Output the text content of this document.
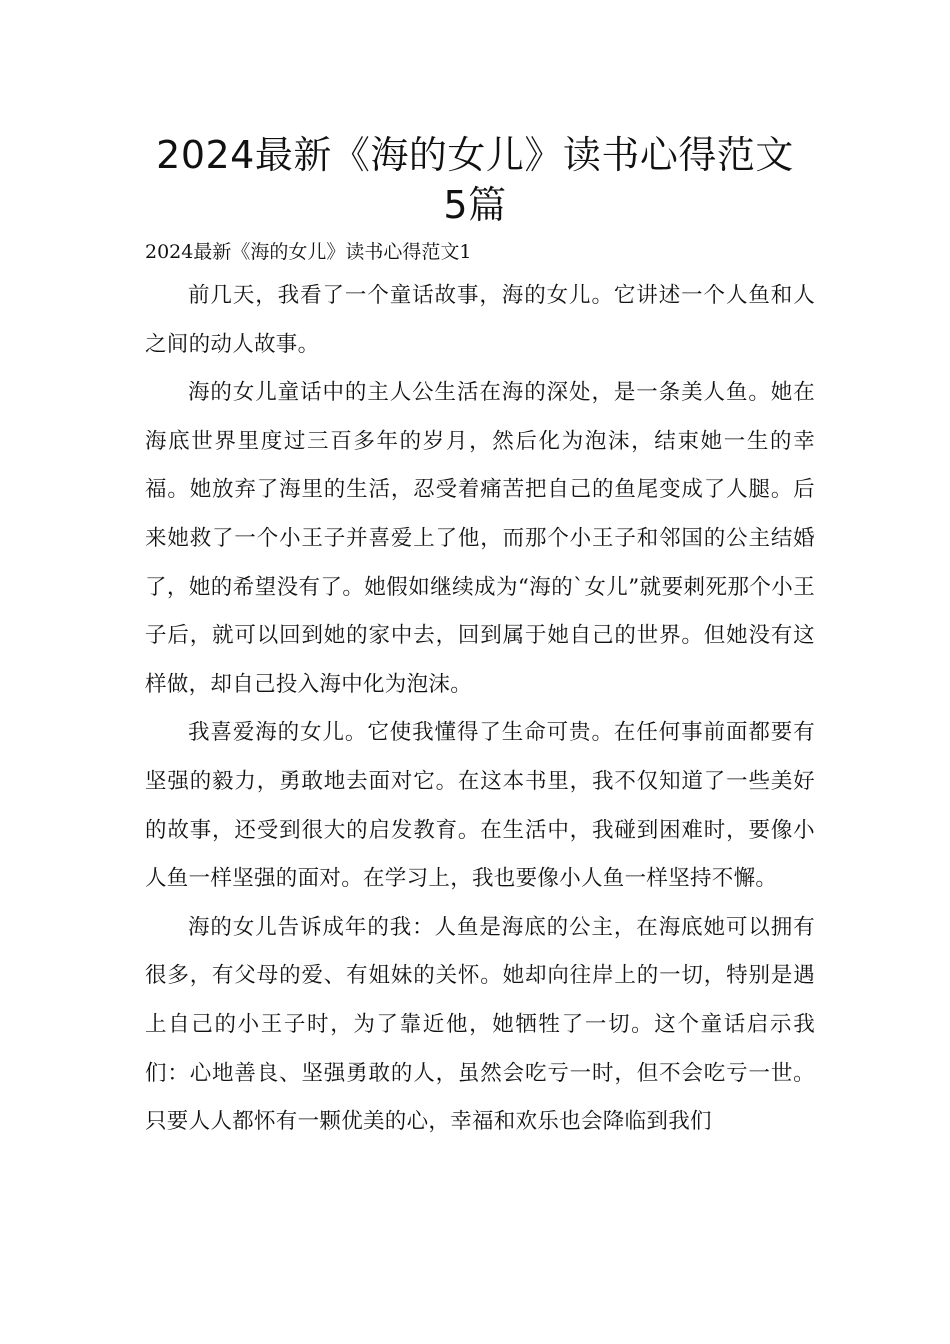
2024最新《海的女儿》读书心得范文5篇

2024最新《海的女儿》读书心得范文1

前几天，我看了一个童话故事，海的女儿。它讲述一个人鱼和人之间的动人故事。

海的女儿童话中的主人公生活在海的深处，是一条美人鱼。她在海底世界里度过三百多年的岁月，然后化为泡沫，结束她一生的幸福。她放弃了海里的生活，忍受着痛苦把自己的鱼尾变成了人腿。后来她救了一个小王子并喜爱上了他，而那个小王子和邻国的公主结婚了，她的希望没有了。她假如继续成为“海的`女儿”就要刺死那个小王子后，就可以回到她的家中去，回到属于她自己的世界。但她没有这样做，却自己投入海中化为泡沫。

我喜爱海的女儿。它使我懂得了生命可贵。在任何事前面都要有坚强的毅力，勇敢地去面对它。在这本书里，我不仅知道了一些美好的故事，还受到很大的启发教育。在生活中，我碰到困难时，要像小人鱼一样坚强的面对。在学习上，我也要像小人鱼一样坚持不懈。

海的女儿告诉成年的我：人鱼是海底的公主，在海底她可以拥有很多，有父母的爱、有姐妹的关怀。她却向往岸上的一切，特别是遇上自己的小王子时，为了靠近他，她牺牲了一切。这个童话启示我们：心地善良、坚强勇敢的人，虽然会吃亏一时，但不会吃亏一世。只要人人都怀有一颗优美的心，幸福和欢乐也会降临到我们
